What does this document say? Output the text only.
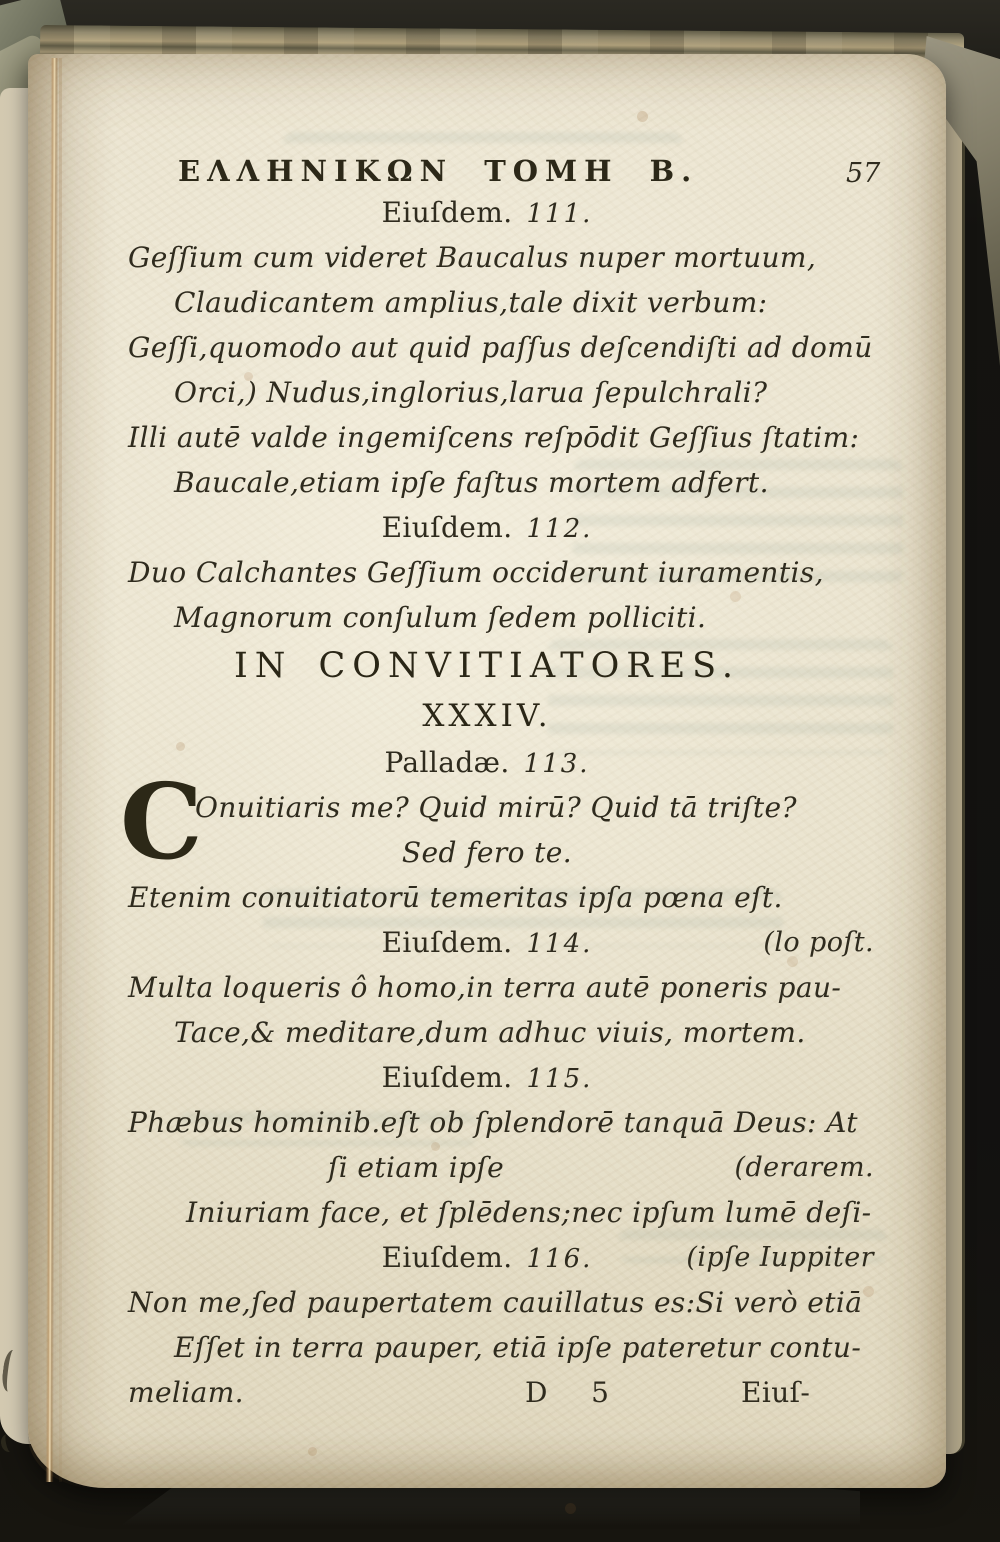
ΕΛΛΗΝΙΚΩΝ ΤΟΜΗ Β.	57
Eiuſdem. 111.
Geſſium cum videret Baucalus nuper mortuum,
Claudicantem amplius,tale dixit verbum:
Geſſi,quomodo aut quid paſſus deſcendiſti ad domū
Orci,) Nudus,inglorius,larua ſepulchrali?
Illi autē valde ingemiſcens reſpōdit Geſſius ſtatim:
Baucale,etiam ipſe faſtus mortem adfert.
Eiuſdem. 112.
Duo Calchantes Geſſium occiderunt iuramentis,
Magnorum conſulum ſedem polliciti.
IN CONVITIATORES.
XXXIV.
Palladæ. 113.
Onuitiaris me? Quid mirū? Quid tā triſte?
Sed fero te.
Etenim conuitiatorū temeritas ipſa pœna eſt.
Eiuſdem. 114.	(lo poſt.
Multa loqueris ô homo,in terra autē poneris pau-
Tace,& meditare,dum adhuc viuis, mortem.
Eiuſdem. 115.
Phæbus hominib.eſt ob ſplendorē tanquā Deus: At
ſi etiam ipſe	(derarem.
Iniuriam face, et ſplēdens;nec ipſum lumē deſi-
Eiuſdem. 116.	(ipſe Iuppiter
Non me,ſed paupertatem cauillatus es:Si verò etiā
Eſſet in terra pauper, etiā ipſe pateretur contu-
meliam.	D 5	Eiuſ-
C
